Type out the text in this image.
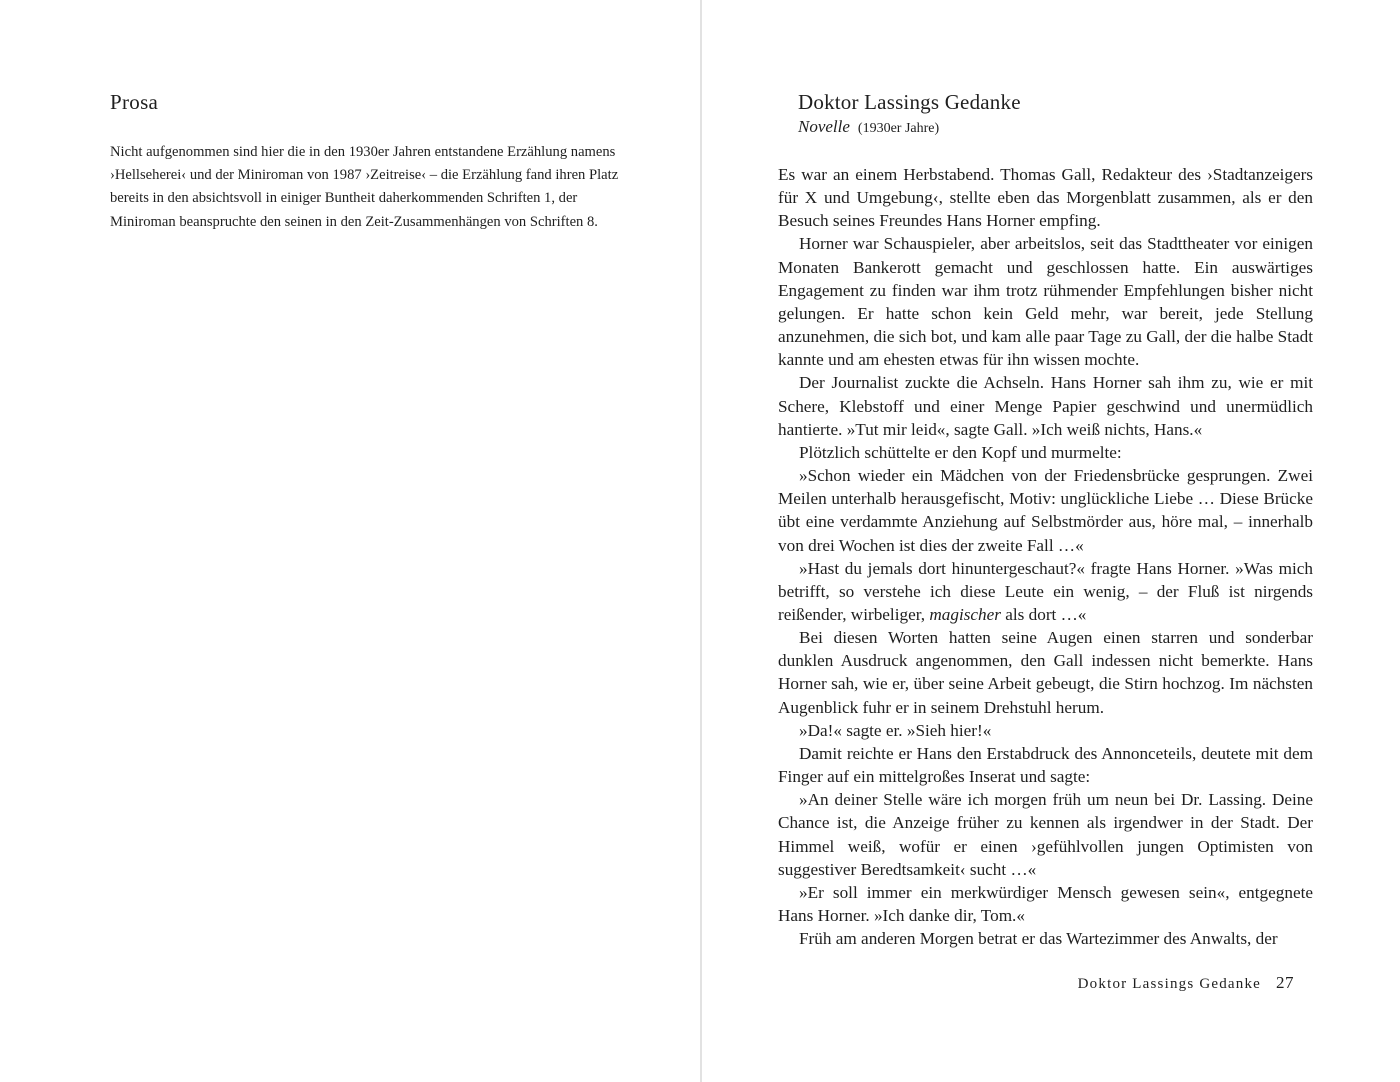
Prosa

Nicht aufgenommen sind hier die in den 1930er Jahren entstandene Erzählung namens ›Hellseherei‹ und der Miniroman von 1987 ›Zeitreise‹ – die Erzählung fand ihren Platz bereits in den absichtsvoll in einiger Buntheit daherkommenden Schriften 1, der Miniroman beanspruchte den seinen in den Zeit-Zusammenhängen von Schriften 8.

Doktor Lassings Gedanke
Novelle (1930er Jahre)

Es war an einem Herbstabend. Thomas Gall, Redakteur des ›Stadtanzeigers für X und Umgebung‹, stellte eben das Morgenblatt zusammen, als er den Besuch seines Freundes Hans Horner empfing.

Horner war Schauspieler, aber arbeitslos, seit das Stadttheater vor einigen Monaten Bankerott gemacht und geschlossen hatte. Ein auswärtiges Engagement zu finden war ihm trotz rühmender Empfehlungen bisher nicht gelungen. Er hatte schon kein Geld mehr, war bereit, jede Stellung anzunehmen, die sich bot, und kam alle paar Tage zu Gall, der die halbe Stadt kannte und am ehesten etwas für ihn wissen mochte.

Der Journalist zuckte die Achseln. Hans Horner sah ihm zu, wie er mit Schere, Klebstoff und einer Menge Papier geschwind und unermüdlich hantierte. »Tut mir leid«, sagte Gall. »Ich weiß nichts, Hans.«

Plötzlich schüttelte er den Kopf und murmelte:

»Schon wieder ein Mädchen von der Friedensbrücke gesprungen. Zwei Meilen unterhalb herausgefischt, Motiv: unglückliche Liebe … Diese Brücke übt eine verdammte Anziehung auf Selbstmörder aus, höre mal, – innerhalb von drei Wochen ist dies der zweite Fall …«

»Hast du jemals dort hinuntergeschaut?« fragte Hans Horner. »Was mich betrifft, so verstehe ich diese Leute ein wenig, – der Fluß ist nirgends reißender, wirbeliger, magischer als dort …«

Bei diesen Worten hatten seine Augen einen starren und sonderbar dunklen Ausdruck angenommen, den Gall indessen nicht bemerkte. Hans Horner sah, wie er, über seine Arbeit gebeugt, die Stirn hochzog. Im nächsten Augenblick fuhr er in seinem Drehstuhl herum.

»Da!« sagte er. »Sieh hier!«

Damit reichte er Hans den Erstabdruck des Annonceteils, deutete mit dem Finger auf ein mittelgroßes Inserat und sagte:

»An deiner Stelle wäre ich morgen früh um neun bei Dr. Lassing. Deine Chance ist, die Anzeige früher zu kennen als irgendwer in der Stadt. Der Himmel weiß, wofür er einen ›gefühlvollen jungen Optimisten von suggestiver Beredtsamkeit‹ sucht …«

»Er soll immer ein merkwürdiger Mensch gewesen sein«, entgegnete Hans Horner. »Ich danke dir, Tom.«

Früh am anderen Morgen betrat er das Wartezimmer des Anwalts, der

Doktor Lassings Gedanke 27
